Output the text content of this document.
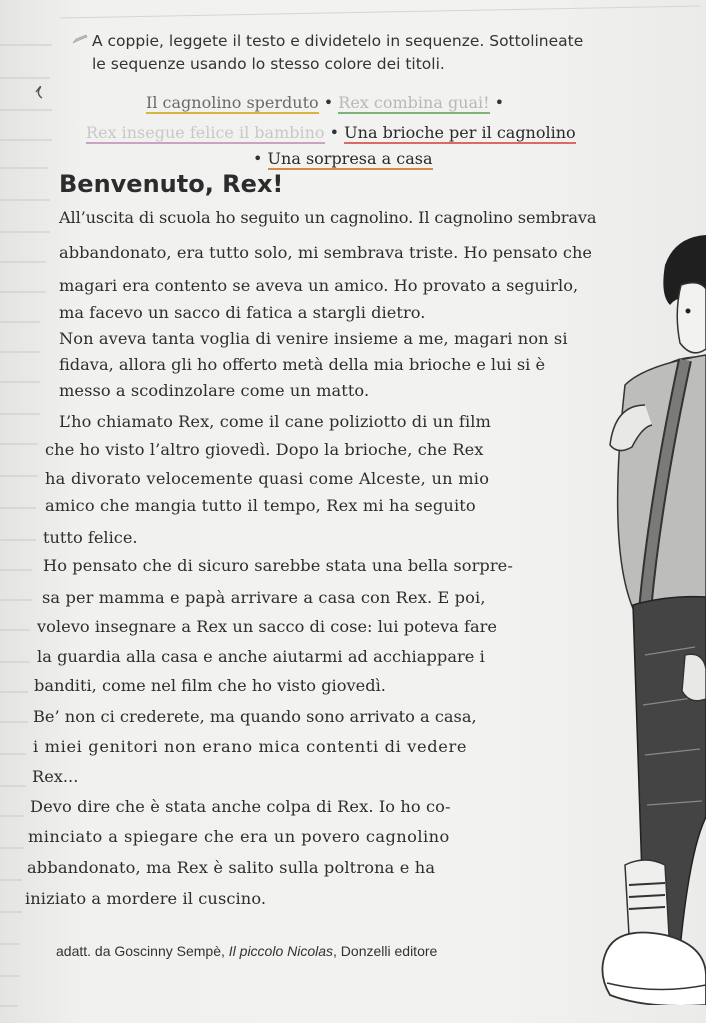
A coppie, leggete il testo e dividetelo in sequenze. Sottolineate

le sequenze usando lo stesso colore dei titoli.
Il cagnolino sperduto • Rex combina guai! •
Rex insegue felice il bambino • Una brioche per il cagnolino
• Una sorpresa a casa
Benvenuto, Rex!
All’uscita di scuola ho seguito un cagnolino. Il cagnolino sembrava
abbandonato, era tutto solo, mi sembrava triste. Ho pensato che
magari era contento se aveva un amico. Ho provato a seguirlo,
ma facevo un sacco di fatica a stargli dietro.
Non aveva tanta voglia di venire insieme a me, magari non si
fidava, allora gli ho offerto metà della mia brioche e lui si è
messo a scodinzolare come un matto.
L’ho chiamato Rex, come il cane poliziotto di un film
che ho visto l’altro giovedì. Dopo la brioche, che Rex
ha divorato velocemente quasi come Alceste, un mio
amico che mangia tutto il tempo, Rex mi ha seguito
tutto felice.
Ho pensato che di sicuro sarebbe stata una bella sorpre-
sa per mamma e papà arrivare a casa con Rex. E poi,
volevo insegnare a Rex un sacco di cose: lui poteva fare
la guardia alla casa e anche aiutarmi ad acchiappare i
banditi, come nel film che ho visto giovedì.
Be’ non ci crederete, ma quando sono arrivato a casa,
i miei genitori non erano mica contenti di vedere
Rex...
Devo dire che è stata anche colpa di Rex. Io ho co-
minciato a spiegare che era un povero cagnolino
abbandonato, ma Rex è salito sulla poltrona e ha
iniziato a mordere il cuscino.
adatt. da Goscinny Sempè, Il piccolo Nicolas, Donzelli editore
